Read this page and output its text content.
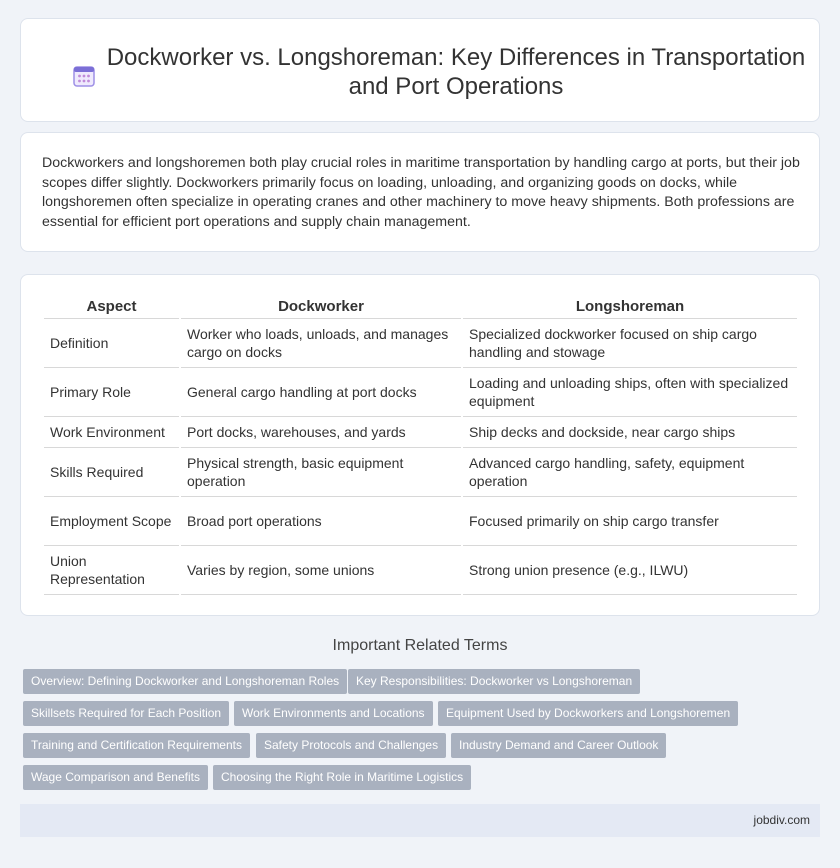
Dockworker vs. Longshoreman: Key Differences in Transportation and Port Operations

Dockworkers and longshoremen both play crucial roles in maritime transportation by handling cargo at ports, but their job scopes differ slightly. Dockworkers primarily focus on loading, unloading, and organizing goods on docks, while longshoremen often specialize in operating cranes and other machinery to move heavy shipments. Both professions are essential for efficient port operations and supply chain management.

Aspect	Dockworker	Longshoreman
Definition	Worker who loads, unloads, and manages cargo on docks	Specialized dockworker focused on ship cargo handling and stowage
Primary Role	General cargo handling at port docks	Loading and unloading ships, often with specialized equipment
Work Environment	Port docks, warehouses, and yards	Ship decks and dockside, near cargo ships
Skills Required	Physical strength, basic equipment operation	Advanced cargo handling, safety, equipment operation
Employment Scope	Broad port operations	Focused primarily on ship cargo transfer
Union Representation	Varies by region, some unions	Strong union presence (e.g., ILWU)
Important Related Terms
Overview: Defining Dockworker and Longshoreman Roles	Key Responsibilities: Dockworker vs Longshoreman
Skillsets Required for Each Position	Work Environments and Locations	Equipment Used by Dockworkers and Longshoremen
Training and Certification Requirements	Safety Protocols and Challenges	Industry Demand and Career Outlook
Wage Comparison and Benefits	Choosing the Right Role in Maritime Logistics
jobdiv.com
